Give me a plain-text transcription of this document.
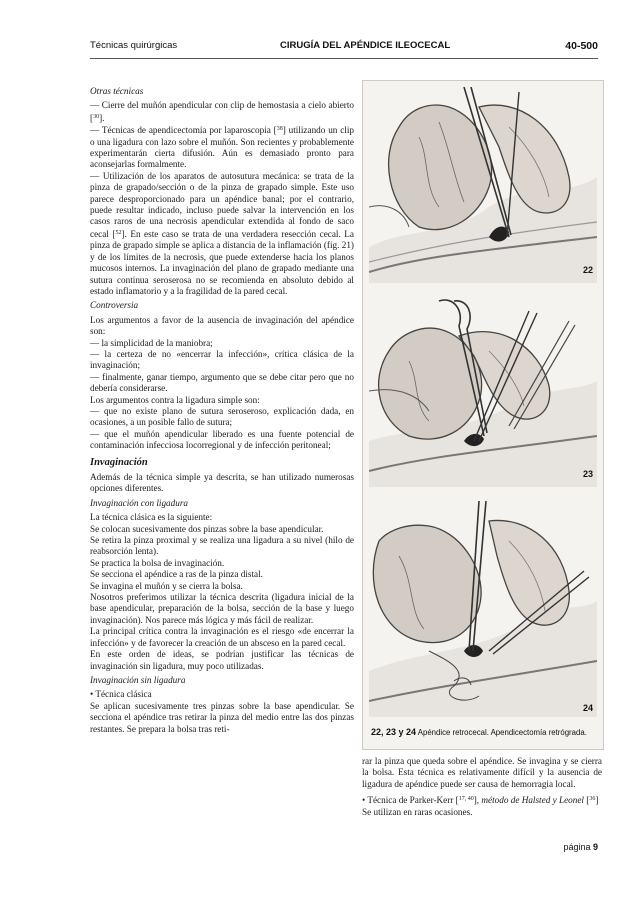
Técnicas quirúrgicas	CIRUGÍA DEL APÉNDICE ILEOCECAL	40-500

Otras técnicas

— Cierre del muñón apendicular con clip de hemostasia a cielo abierto [$^{30}$].

— Técnicas de apendicectomía por laparoscopia [$^{38}$] utilizando un clip o una ligadura con lazo sobre el muñón. Son recientes y probablemente experimentarán cierta difusión. Aún es demasiado pronto para aconsejarlas formalmente.

— Utilización de los aparatos de autosutura mecánica: se trata de la pinza de grapado/sección o de la pinza de grapado simple. Este uso parece desproporcionado para un apéndice banal; por el contrario, puede resultar indicado, incluso puede salvar la intervención en los casos raros de una necrosis apendicular extendida al fondo de saco cecal [$^{52}$]. En este caso se trata de una verdadera resección cecal. La pinza de grapado simple se aplica a distancia de la inflamación (fig. 21) y de los límites de la necrosis, que puede extenderse hacia los planos mucosos internos. La invaginación del plano de grapado mediante una sutura continua seroserosa no se recomienda en absoluto debido al estado inflamatorio y a la fragilidad de la pared cecal.

Controversia

Los argumentos a favor de la ausencia de invaginación del apéndice son:

— la simplicidad de la maniobra;

— la certeza de no «encerrar la infección», crítica clásica de la invaginación;

— finalmente, ganar tiempo, argumento que se debe citar pero que no debería considerarse.

Los argumentos contra la ligadura simple son:

— que no existe plano de sutura seroseroso, explicación dada, en ocasiones, a un posible fallo de sutura;

— que el muñón apendicular liberado es una fuente potencial de contaminación infecciosa locorregional y de infección peritoneal;

Invaginación

Además de la técnica simple ya descrita, se han utilizado numerosas opciones diferentes.

Invaginación con ligadura

La técnica clásica es la siguiente:

Se colocan sucesivamente dos pinzas sobre la base apendicular.

Se retira la pinza proximal y se realiza una ligadura a su nivel (hilo de reabsorción lenta).

Se practica la bolsa de invaginación.

Se secciona el apéndice a ras de la pinza distal.

Se invagina el muñón y se cierra la bolsa.

Nosotros preferimos utilizar la técnica descrita (ligadura inicial de la base apendicular, preparación de la bolsa, sección de la base y luego invaginación). Nos parece más lógica y más fácil de realizar.

La principal crítica contra la invaginación es el riesgo «de encerrar la infección» y de favorecer la creación de un absceso en la pared cecal.

En este orden de ideas, se podrían justificar las técnicas de invaginación sin ligadura, muy poco utilizadas.

Invaginación sin ligadura

• Técnica clásica

Se aplican sucesivamente tres pinzas sobre la base apendicular. Se secciona el apéndice tras retirar la pinza del medio entre las dos pinzas restantes. Se prepara la bolsa tras reti-

22
23
24
22, 23 y 24 Apéndice retrocecal. Apendicectomía retrógrada.

rar la pinza que queda sobre el apéndice. Se invagina y se cierra la bolsa. Esta técnica es relativamente difícil y la ausencia de ligadura de apéndice puede ser causa de hemorragia local.

• Técnica de Parker-Kerr [$^{17, 40}$], método de Halsted y Leonel [$^{36}$]

Se utilizan en raras ocasiones.

página 9
